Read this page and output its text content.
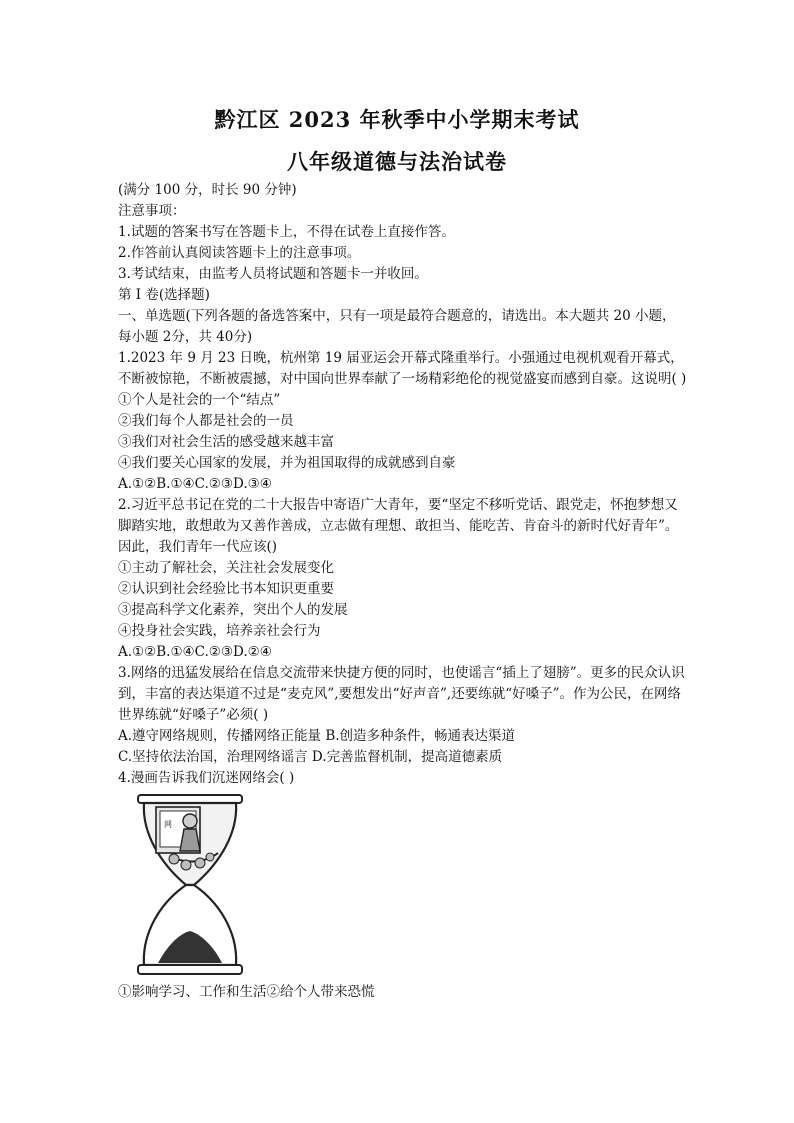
黔江区 2023 年秋季中小学期末考试
八年级道德与法治试卷
(满分 100 分，时长 90 分钟)
注意事项：
1.试题的答案书写在答题卡上，不得在试卷上直接作答。
2.作答前认真阅读答题卡上的注意事项。
3.考试结束，由监考人员将试题和答题卡一并收回。
第 I 卷(选择题)
一、单选题(下列各题的备选答案中，只有一项是最符合题意的，请选出。本大题共 20 小题，每小题 2分，共 40分)
1.2023 年 9 月 23 日晚，杭州第 19 届亚运会开幕式隆重举行。小强通过电视机观看开幕式，不断被惊艳，不断被震撼，对中国向世界奉献了一场精彩绝伦的视觉盛宴而感到自豪。这说明( )
①个人是社会的一个“结点”
②我们每个人都是社会的一员
③我们对社会生活的感受越来越丰富
④我们要关心国家的发展，并为祖国取得的成就感到自豪
A.①②B.①④C.②③D.③④
2.习近平总书记在党的二十大报告中寄语广大青年，要“坚定不移听党话、跟党走，怀抱梦想又脚踏实地，敢想敢为又善作善成，立志做有理想、敢担当、能吃苦、肯奋斗的新时代好青年”。因此，我们青年一代应该()
①主动了解社会，关注社会发展变化
②认识到社会经验比书本知识更重要
③提高科学文化素养，突出个人的发展
④投身社会实践，培养亲社会行为
A.①②B.①④C.②③D.②④
3.网络的迅猛发展给在信息交流带来快捷方便的同时，也使谣言“插上了翅膀”。更多的民众认识到，丰富的表达渠道不过是“麦克风”,要想发出“好声音”,还要练就“好嗓子”。作为公民，在网络世界练就“好嗓子”必须( )
A.遵守网络规则，传播网络正能量 B.创造多种条件，畅通表达渠道
C.坚持依法治国，治理网络谣言 D.完善监督机制，提高道德素质
4.漫画告诉我们沉迷网络会( )
网
①影响学习、工作和生活②给个人带来恐慌
